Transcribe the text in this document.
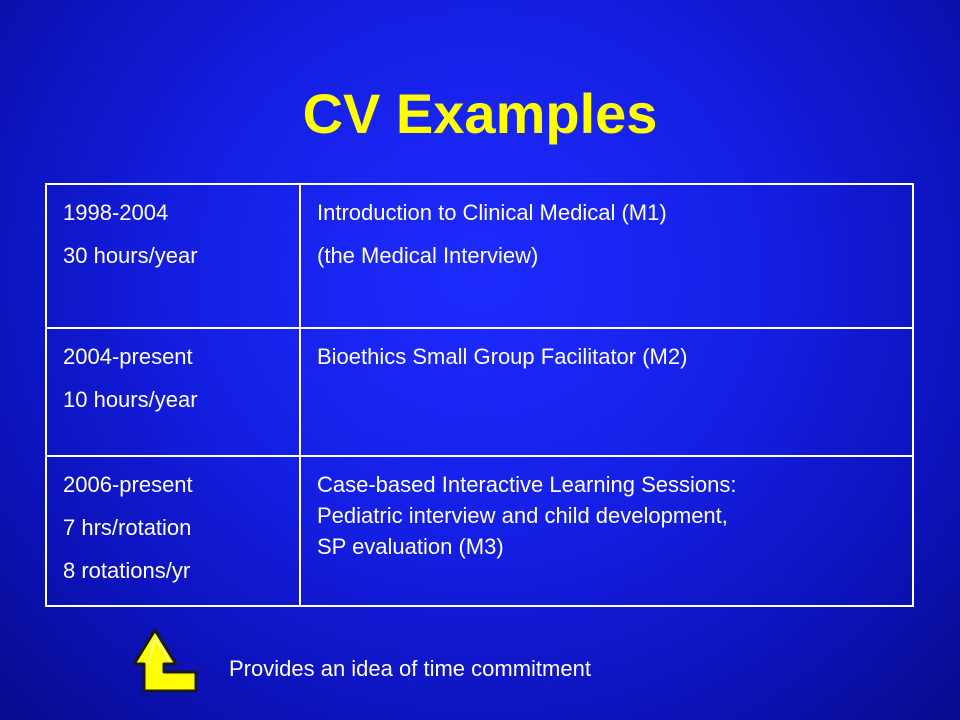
CV Examples
1998-2004
30 hours/year	Introduction to Clinical Medical (M1)
(the Medical Interview)

2004-present
10 hours/year	Bioethics Small Group Facilitator (M2)

2006-present
7 hrs/rotation
8 rotations/yr	Case-based Interactive Learning Sessions:
Pediatric interview and child development,
SP evaluation (M3)
Provides an idea of time commitment
